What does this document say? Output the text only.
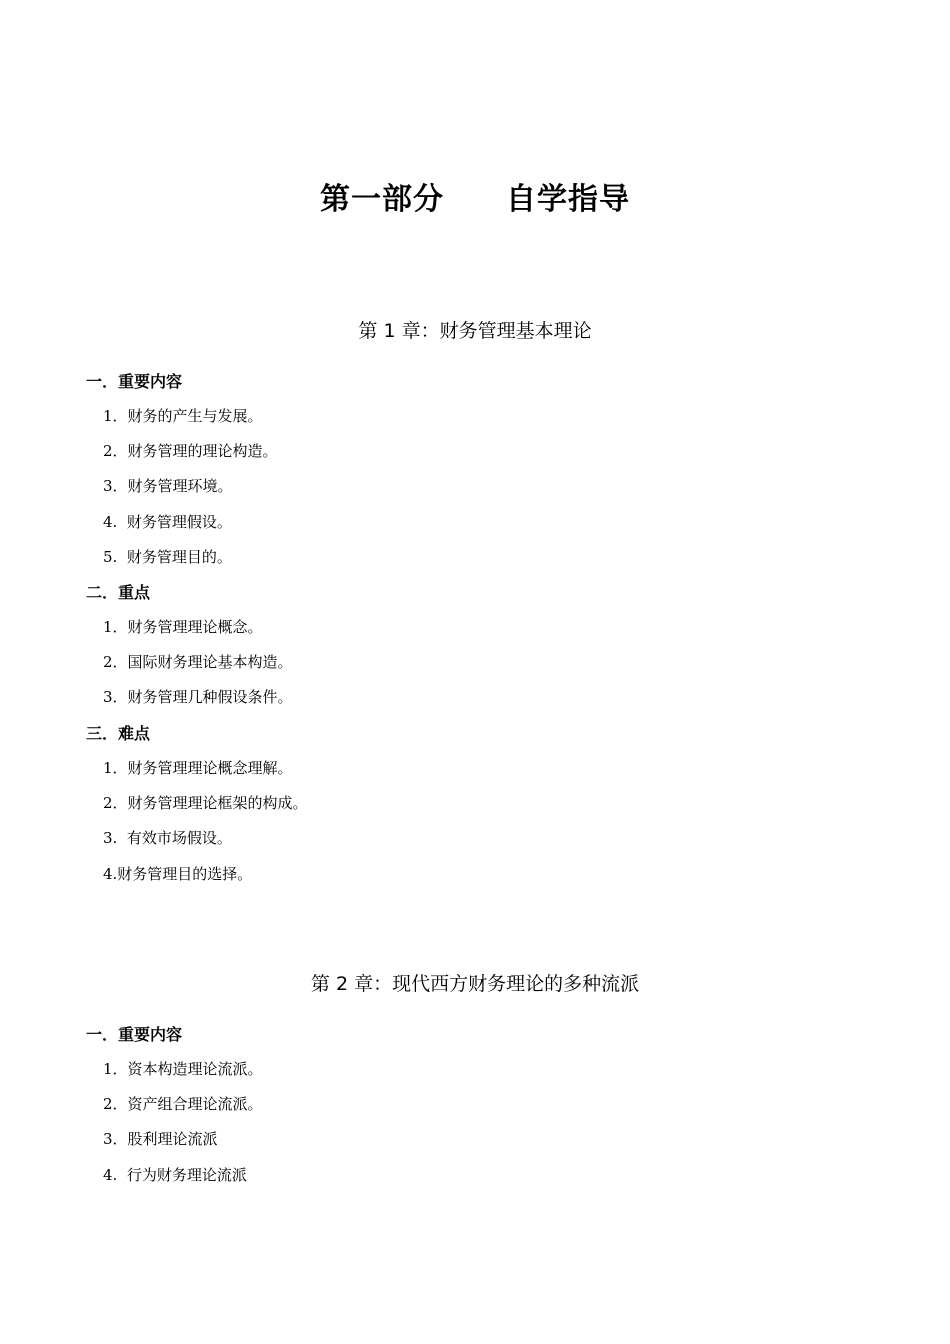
第一部分　　自学指导
第 1 章：财务管理基本理论
一．重要内容
1．财务的产生与发展。
2．财务管理的理论构造。
3．财务管理环境。
4.  财务管理假设。
5.  财务管理目的。
二．重点
1．财务管理理论概念。
2．国际财务理论基本构造。
3．财务管理几种假设条件。
三．难点
1．财务管理理论概念理解。
2．财务管理理论框架的构成。
3.  有效市场假设。
4.财务管理目的选择。
第 2 章：现代西方财务理论的多种流派
一．重要内容
1．资本构造理论流派。
2．资产组合理论流派。
3．股利理论流派
4.  行为财务理论流派
